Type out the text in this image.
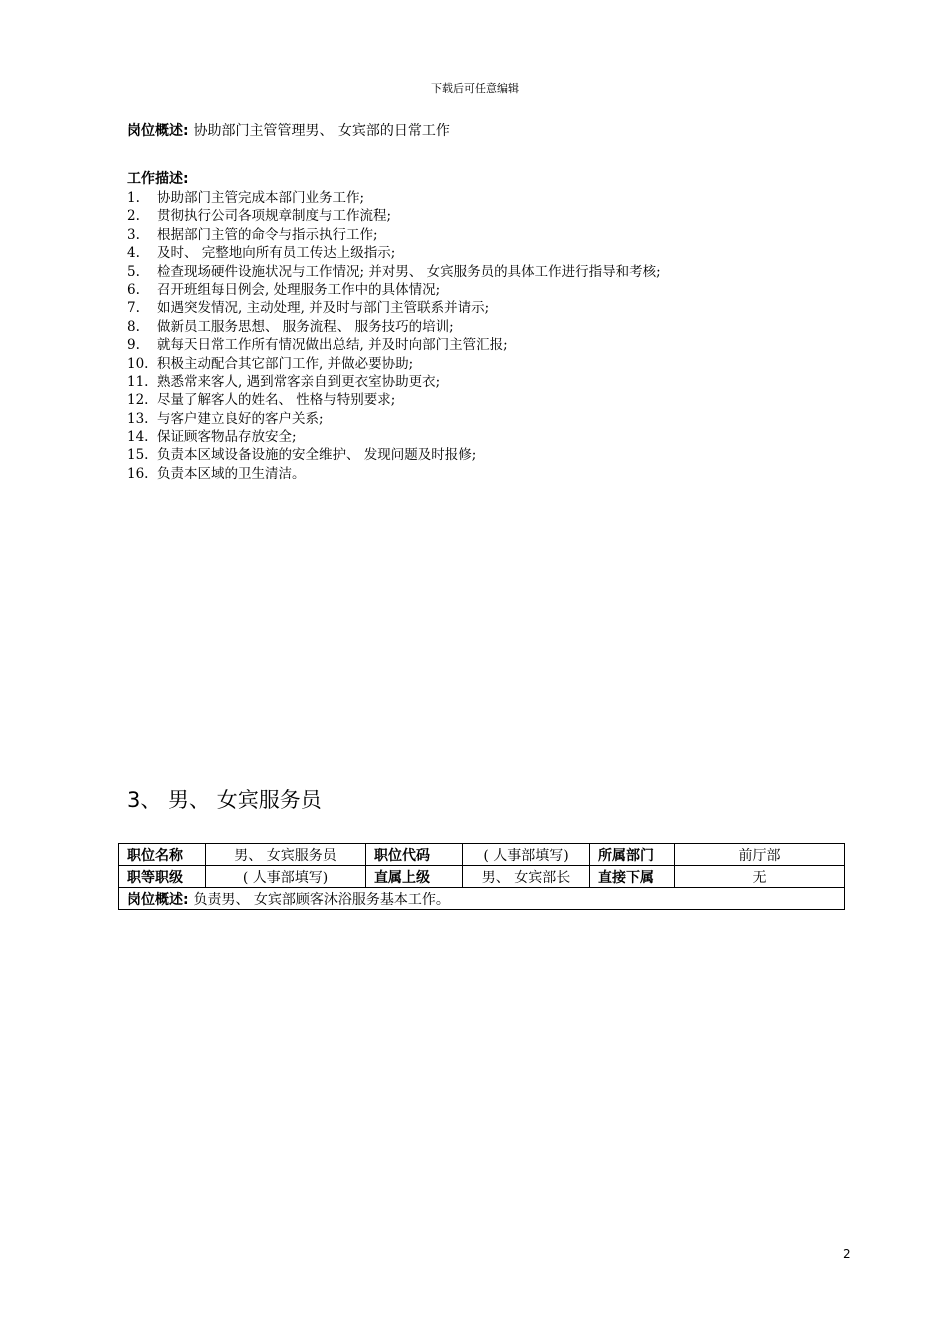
下载后可任意编辑
岗位概述: 协助部门主管管理男、 女宾部的日常工作
工作描述:
1. 协助部门主管完成本部门业务工作;
2. 贯彻执行公司各项规章制度与工作流程;
3. 根据部门主管的命令与指示执行工作;
4. 及时、 完整地向所有员工传达上级指示;
5. 检查现场硬件设施状况与工作情况; 并对男、 女宾服务员的具体工作进行指导和考核;
6. 召开班组每日例会, 处理服务工作中的具体情况;
7. 如遇突发情况, 主动处理, 并及时与部门主管联系并请示;
8. 做新员工服务思想、 服务流程、 服务技巧的培训;
9. 就每天日常工作所有情况做出总结, 并及时向部门主管汇报;
10. 积极主动配合其它部门工作, 并做必要协助;
11. 熟悉常来客人, 遇到常客亲自到更衣室协助更衣;
12. 尽量了解客人的姓名、 性格与特别要求;
13. 与客户建立良好的客户关系;
14. 保证顾客物品存放安全;
15. 负责本区域设备设施的安全维护、 发现问题及时报修;
16. 负责本区域的卫生清洁。
3、 男、 女宾服务员
职位名称	男、 女宾服务员	职位代码	( 人事部填写)	所属部门	前厅部
职等职级	( 人事部填写)	直属上级	男、 女宾部长	直接下属	无
岗位概述: 负责男、 女宾部顾客沐浴服务基本工作。					
2
